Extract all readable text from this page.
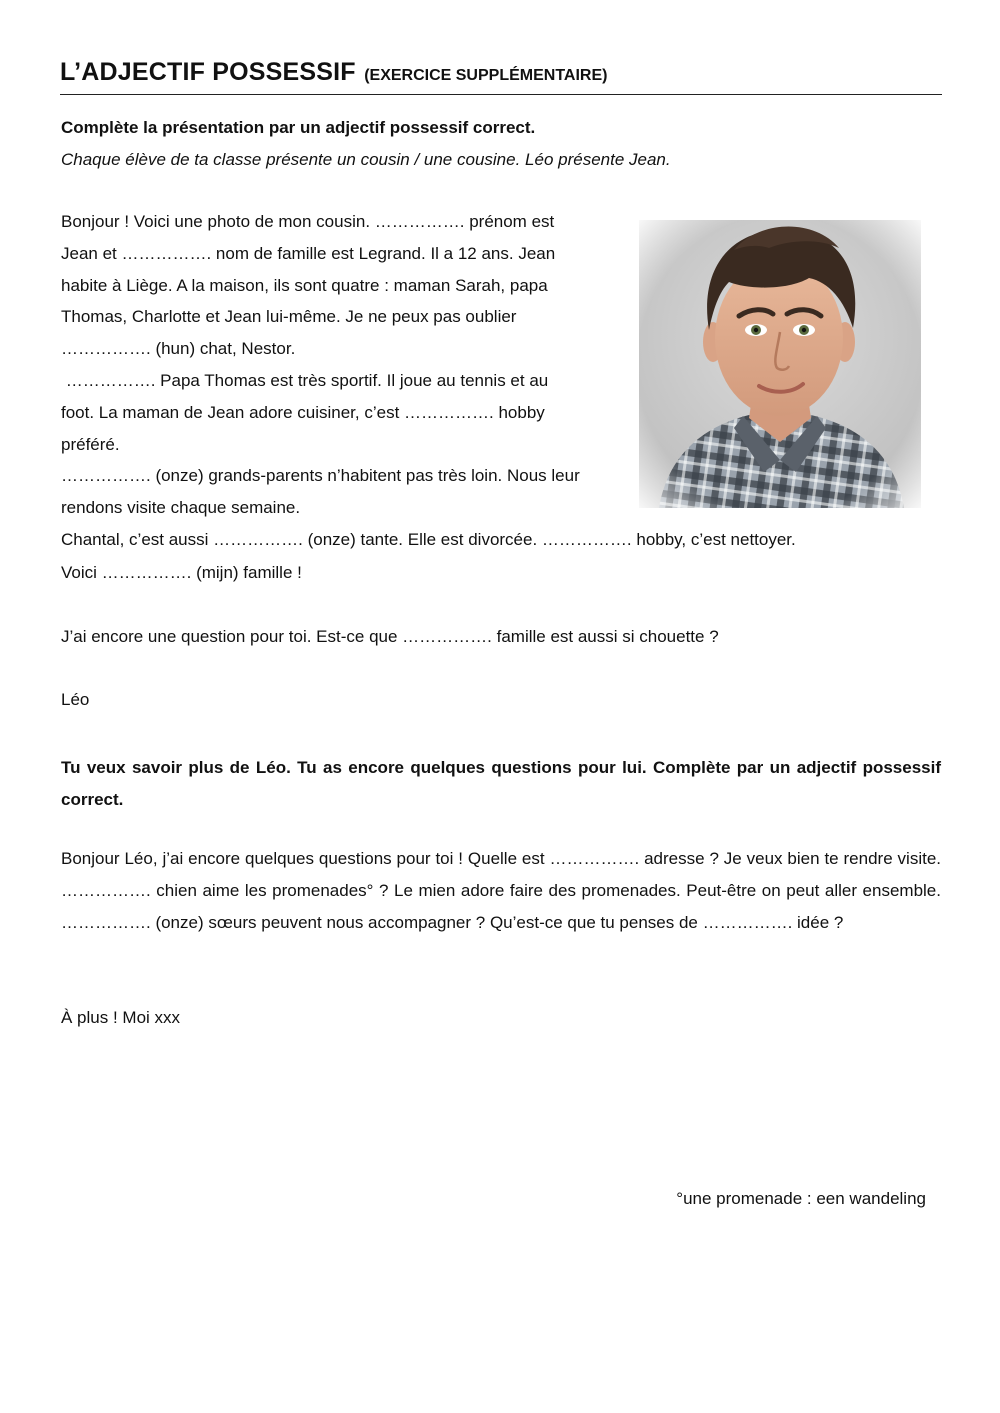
L’ADJECTIF POSSESSIF (EXERCICE SUPPLÉMENTAIRE)
Complète la présentation par un adjectif possessif correct.
Chaque élève de ta classe présente un cousin / une cousine. Léo présente Jean.

Bonjour ! Voici une photo de mon cousin. ……………. prénom est
Jean et ……………. nom de famille est Legrand. Il a 12 ans. Jean
habite à Liège. A la maison, ils sont quatre : maman Sarah, papa
Thomas, Charlotte et Jean lui-même. Je ne peux pas oublier
……………. (hun) chat, Nestor.
……………. Papa Thomas est très sportif. Il joue au tennis et au
foot. La maman de Jean adore cuisiner, c’est ……………. hobby
préféré.
……………. (onze) grands-parents n’habitent pas très loin. Nous leur
rendons visite chaque semaine.

Chantal, c’est aussi ……………. (onze) tante. Elle est divorcée. ……………. hobby, c’est nettoyer.
Voici ……………. (mijn) famille !
J’ai encore une question pour toi. Est-ce que ……………. famille est aussi si chouette ?
Léo

Tu veux savoir plus de Léo. Tu as encore quelques questions pour lui. Complète par un adjectif possessif correct.

Bonjour Léo, j’ai encore quelques questions pour toi ! Quelle est ……………. adresse ? Je veux bien te rendre visite. ……………. chien aime les promenades° ? Le mien adore faire des promenades. Peut-être on peut aller ensemble. ……………. (onze) sœurs peuvent nous accompagner ? Qu’est-ce que tu penses de ……………. idée ?

À plus ! Moi xxx
°une promenade : een wandeling
